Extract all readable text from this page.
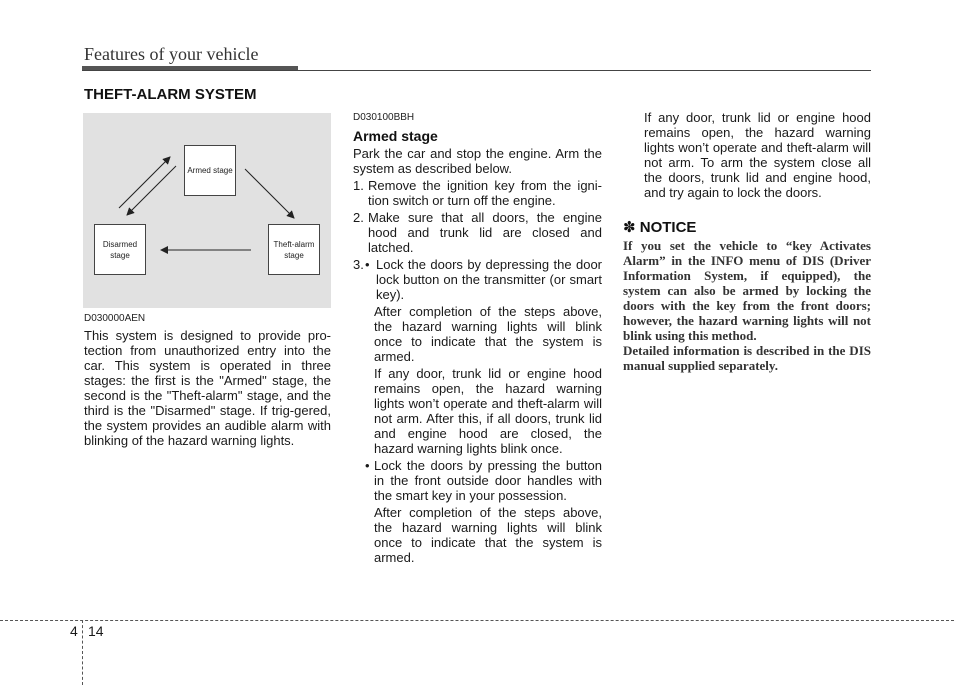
Features of your vehicle
THEFT-ALARM SYSTEM
Armed stage
Disarmed stage
Theft-alarm stage
D030000AEN
This system is designed to provide pro-tection from unauthorized entry into the car. This system is operated in three stages: the first is the "Armed" stage, the second is the "Theft-alarm" stage, and the third is the "Disarmed" stage. If trig-gered, the system provides an audible alarm with blinking of the hazard warning lights.
D030100BBH
Armed stage
Park the car and stop the engine. Arm the system as described below.
1. Remove the ignition key from the igni-tion switch or turn off the engine.
2. Make sure that all doors, the engine hood and trunk lid are closed and latched.
3. • Lock the doors by depressing the door lock button on the transmitter (or smart key).
After completion of the steps above, the hazard warning lights will blink once to indicate that the system is armed.
If any door, trunk lid or engine hood remains open, the hazard warning lights won’t operate and theft-alarm will not arm. After this, if all doors, trunk lid and engine hood are closed, the hazard warning lights blink once.
• Lock the doors by pressing the button in the front outside door handles with the smart key in your possession.
After completion of the steps above, the hazard warning lights will blink once to indicate that the system is armed.
If any door, trunk lid or engine hood remains open, the hazard warning lights won’t operate and theft-alarm will not arm. To arm the system close all the doors, trunk lid and engine hood, and try again to lock the doors.
✽ NOTICE

If you set the vehicle to “key Activates Alarm” in the INFO menu of DIS (Driver Information System, if equipped), the system can also be armed by locking the doors with the key from the front doors; however, the hazard warning lights will not blink using this method.

Detailed information is described in the DIS manual supplied separately.

4 14
